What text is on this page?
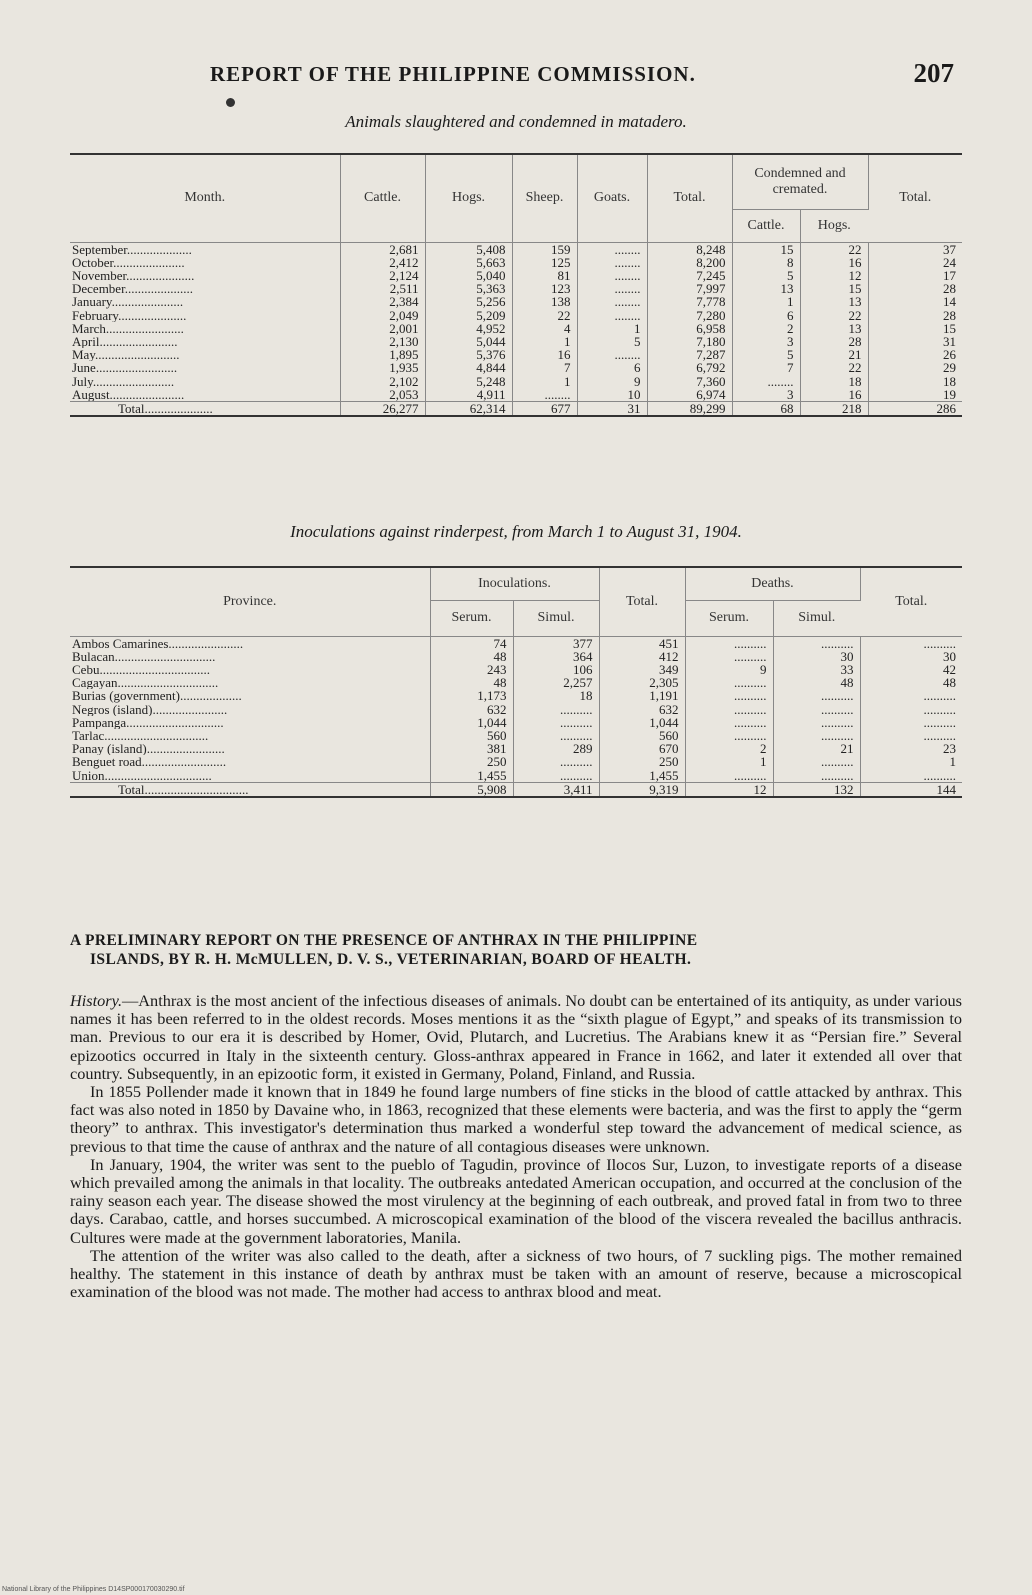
REPORT OF THE PHILIPPINE COMMISSION.	207
Animals slaughtered and condemned in matadero.
Month.	Cattle.	Hogs.	Sheep.	Goats.	Total.	Condemned and cremated.		Total.
						Cattle.	Hogs.	
September....................	2,681	5,408	159	........	8,248	15	22	37
October......................	2,412	5,663	125	........	8,200	8	16	24
November.....................	2,124	5,040	81	........	7,245	5	12	17
December.....................	2,511	5,363	123	........	7,997	13	15	28
January......................	2,384	5,256	138	........	7,778	1	13	14
February.....................	2,049	5,209	22	........	7,280	6	22	28
March........................	2,001	4,952	4	1	6,958	2	13	15
April........................	2,130	5,044	1	5	7,180	3	28	31
May..........................	1,895	5,376	16	........	7,287	5	21	26
June.........................	1,935	4,844	7	6	6,792	7	22	29
July.........................	2,102	5,248	1	9	7,360	........	18	18
August.......................	2,053	4,911	........	10	6,974	3	16	19
Total.....................	26,277	62,314	677	31	89,299	68	218	286
Inoculations against rinderpest, from March 1 to August 31, 1904.
Province.	Inoculations.		Total.	Deaths.		Total.
	Serum.	Simul.		Serum.	Simul.	
Ambos Camarines.......................	74	377	451	..........	..........	..........
Bulacan...............................	48	364	412	..........	30	30
Cebu..................................	243	106	349	9	33	42
Cagayan...............................	48	2,257	2,305	..........	48	48
Burias (government)...................	1,173	18	1,191	..........	..........	..........
Negros (island).......................	632	..........	632	..........	..........	..........
Pampanga..............................	1,044	..........	1,044	..........	..........	..........
Tarlac................................	560	..........	560	..........	..........	..........
Panay (island)........................	381	289	670	2	21	23
Benguet road..........................	250	..........	250	1	..........	1
Union.................................	1,455	..........	1,455	..........	..........	..........
Total................................	5,908	3,411	9,319	12	132	144
A PRELIMINARY REPORT ON THE PRESENCE OF ANTHRAX IN THE PHILIPPINE
ISLANDS, BY R. H. McMULLEN, D. V. S., VETERINARIAN, BOARD OF HEALTH.

History.—Anthrax is the most ancient of the infectious diseases of animals. No doubt can be entertained of its antiquity, as under various names it has been referred to in the oldest records. Moses mentions it as the “sixth plague of Egypt,” and speaks of its transmission to man. Previous to our era it is described by Homer, Ovid, Plutarch, and Lucretius. The Arabians knew it as “Persian fire.” Several epizootics occurred in Italy in the sixteenth century. Gloss-anthrax appeared in France in 1662, and later it extended all over that country. Subsequently, in an epizootic form, it existed in Germany, Poland, Finland, and Russia.

In 1855 Pollender made it known that in 1849 he found large numbers of fine sticks in the blood of cattle attacked by anthrax. This fact was also noted in 1850 by Davaine who, in 1863, recognized that these elements were bacteria, and was the first to apply the “germ theory” to anthrax. This investigator's determination thus marked a wonderful step toward the advancement of medical science, as previous to that time the cause of anthrax and the nature of all contagious diseases were unknown.

In January, 1904, the writer was sent to the pueblo of Tagudin, province of Ilocos Sur, Luzon, to investigate reports of a disease which prevailed among the animals in that locality. The outbreaks antedated American occupation, and occurred at the conclusion of the rainy season each year. The disease showed the most virulency at the beginning of each outbreak, and proved fatal in from two to three days. Carabao, cattle, and horses succumbed. A microscopical examination of the blood of the viscera revealed the bacillus anthracis. Cultures were made at the government laboratories, Manila.

The attention of the writer was also called to the death, after a sickness of two hours, of 7 suckling pigs. The mother remained healthy. The statement in this instance of death by anthrax must be taken with an amount of reserve, because a microscopical examination of the blood was not made. The mother had access to anthrax blood and meat.

National Library of the Philippines D14SP000170030290.tif
